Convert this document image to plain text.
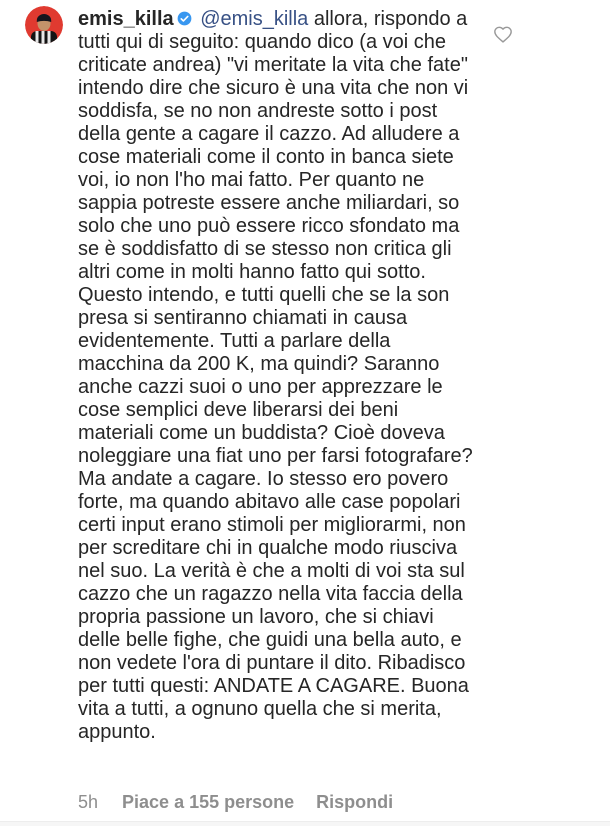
emis_killa @emis_killa allora, rispondo a tutti qui di seguito: quando dico (a voi che criticate andrea) "vi meritate la vita che fate" intendo dire che sicuro è una vita che non vi soddisfa, se no non andreste sotto i post della gente a cagare il cazzo. Ad alludere a cose materiali come il conto in banca siete voi, io non l'ho mai fatto. Per quanto ne sappia potreste essere anche miliardari, so solo che uno può essere ricco sfondato ma se è soddisfatto di se stesso non critica gli altri come in molti hanno fatto qui sotto. Questo intendo, e tutti quelli che se la son presa si sentiranno chiamati in causa evidentemente. Tutti a parlare della macchina da 200 K, ma quindi? Saranno anche cazzi suoi o uno per apprezzare le cose semplici deve liberarsi dei beni materiali come un buddista? Cioè doveva noleggiare una fiat uno per farsi fotografare? Ma andate a cagare. Io stesso ero povero forte, ma quando abitavo alle case popolari certi input erano stimoli per migliorarmi, non per screditare chi in qualche modo riusciva nel suo. La verità è che a molti di voi sta sul cazzo che un ragazzo nella vita faccia della propria passione un lavoro, che si chiavi delle belle fighe, che guidi una bella auto, e non vedete l'ora di puntare il dito. Ribadisco per tutti questi: ANDATE A CAGARE. Buona vita a tutti, a ognuno quella che si merita, appunto.
5h Piace a 155 persone Rispondi
